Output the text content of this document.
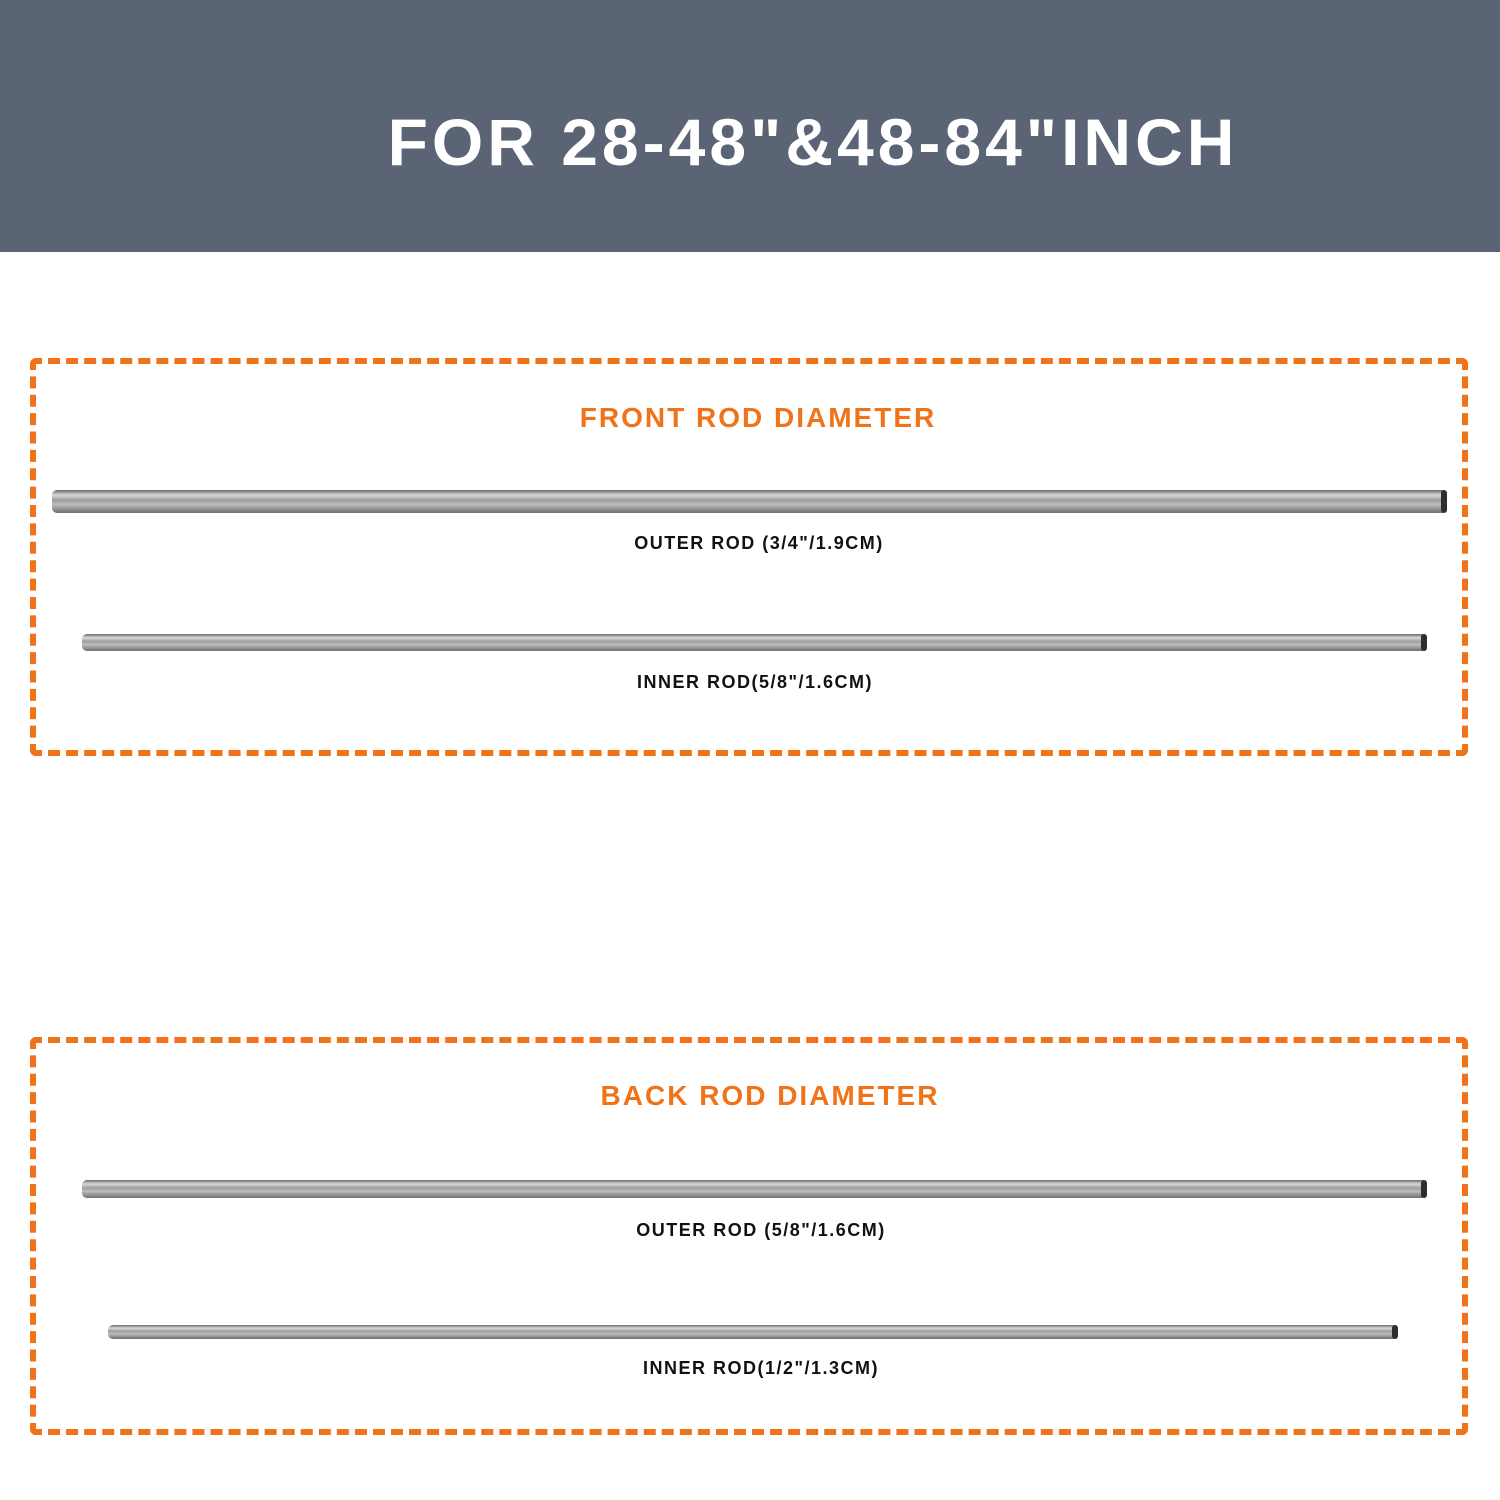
FOR 28-48"&48-84"INCH
FRONT ROD DIAMETER
OUTER ROD (3/4"/1.9CM)
INNER ROD(5/8"/1.6CM)
BACK ROD DIAMETER
OUTER ROD (5/8"/1.6CM)
INNER ROD(1/2"/1.3CM)
